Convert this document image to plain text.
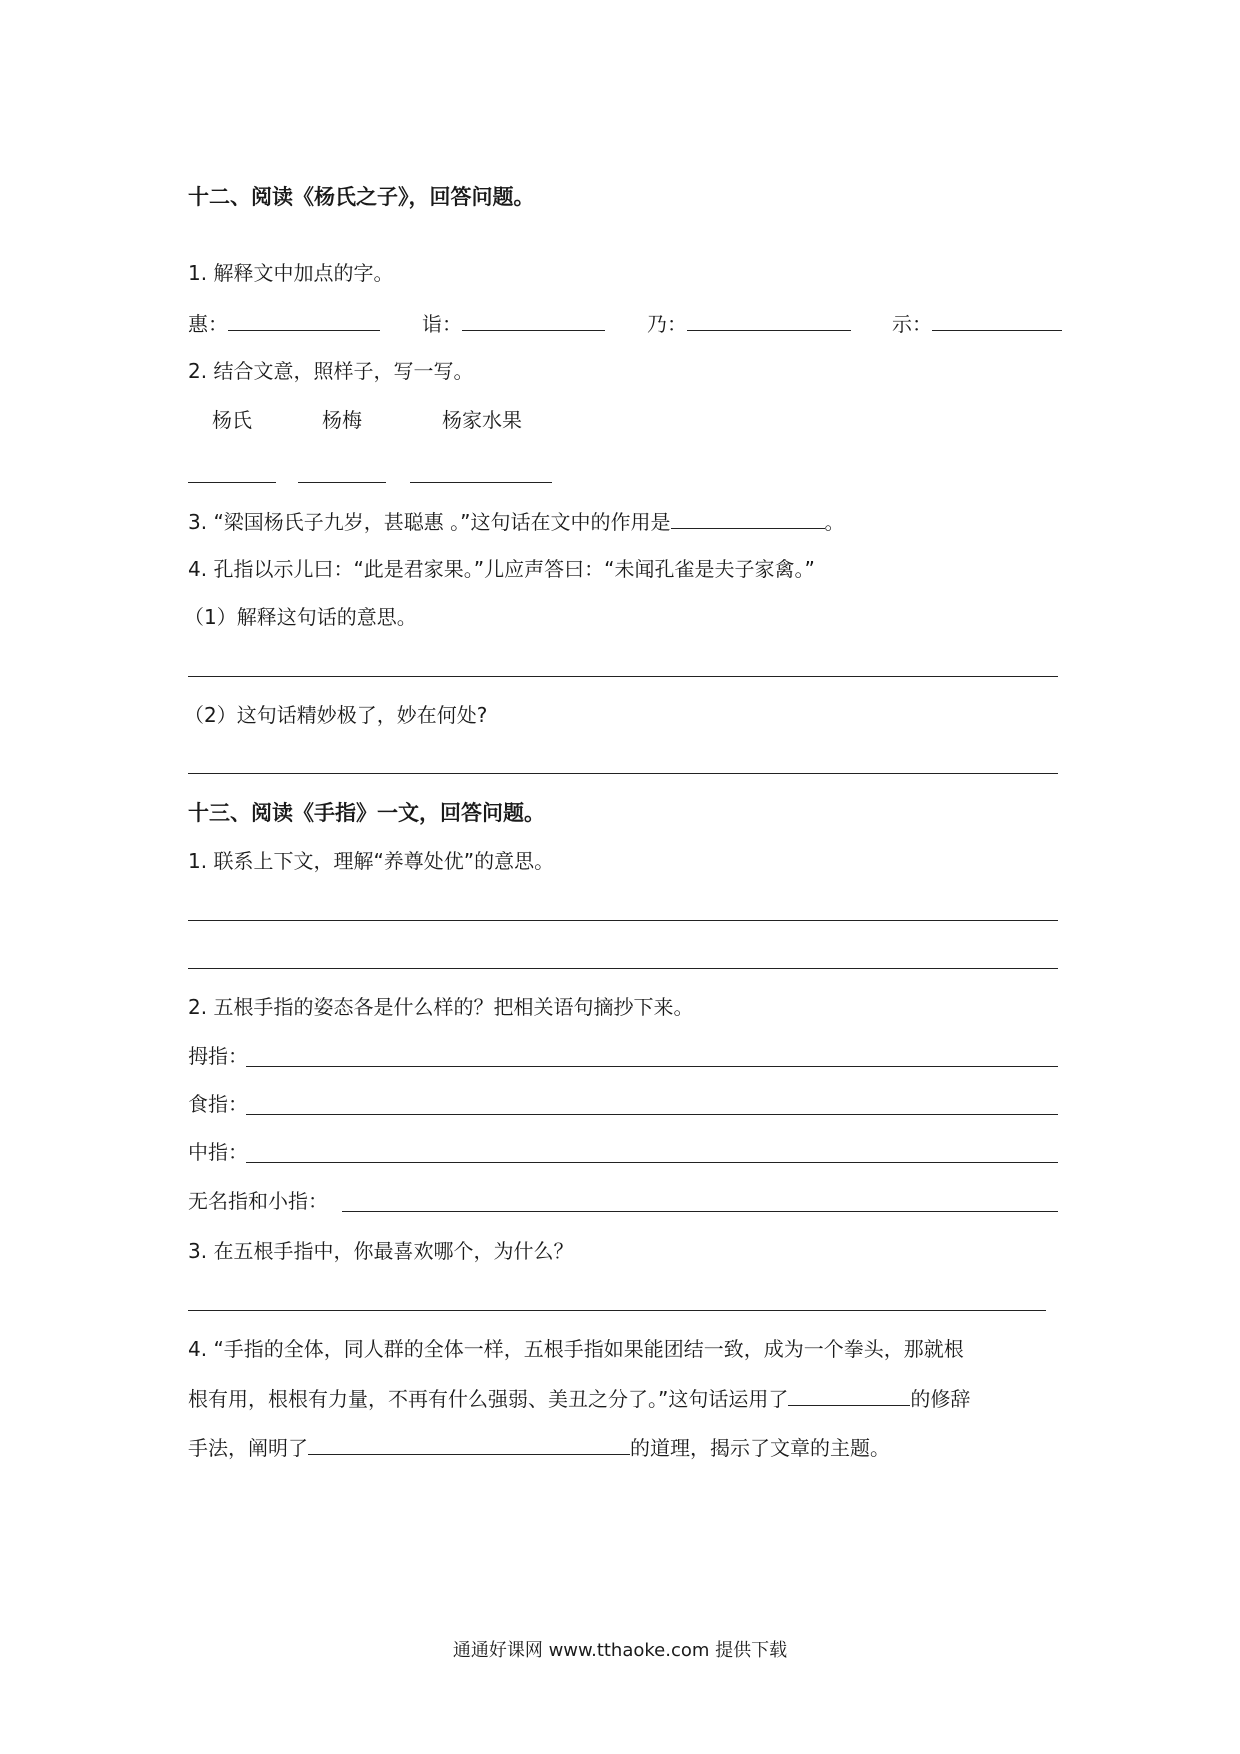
十二、阅读《杨氏之子》，回答问题。
1. 解释文中加点的字。
惠：	诣：	乃：	示：
2. 结合文意，照样子，写一写。
杨氏	杨梅	杨家水果
3. “梁国杨氏子九岁，甚聪惠 。”这句话在文中的作用是	。
4. 孔指以示儿曰：“此是君家果。”儿应声答曰：“未闻孔雀是夫子家禽。”
（1）解释这句话的意思。
（2）这句话精妙极了，妙在何处?
十三、阅读《手指》一文，回答问题。
1. 联系上下文，理解“养尊处优”的意思。
2. 五根手指的姿态各是什么样的？把相关语句摘抄下来。
拇指：
食指：
中指：
无名指和小指：
3. 在五根手指中，你最喜欢哪个，为什么？
4. “手指的全体，同人群的全体一样，五根手指如果能团结一致，成为一个拳头，那就根
根有用，根根有力量，不再有什么强弱、美丑之分了。”这句话运用了	的修辞
手法，阐明了	的道理，揭示了文章的主题。
通通好课网 www.tthaoke.com 提供下载
